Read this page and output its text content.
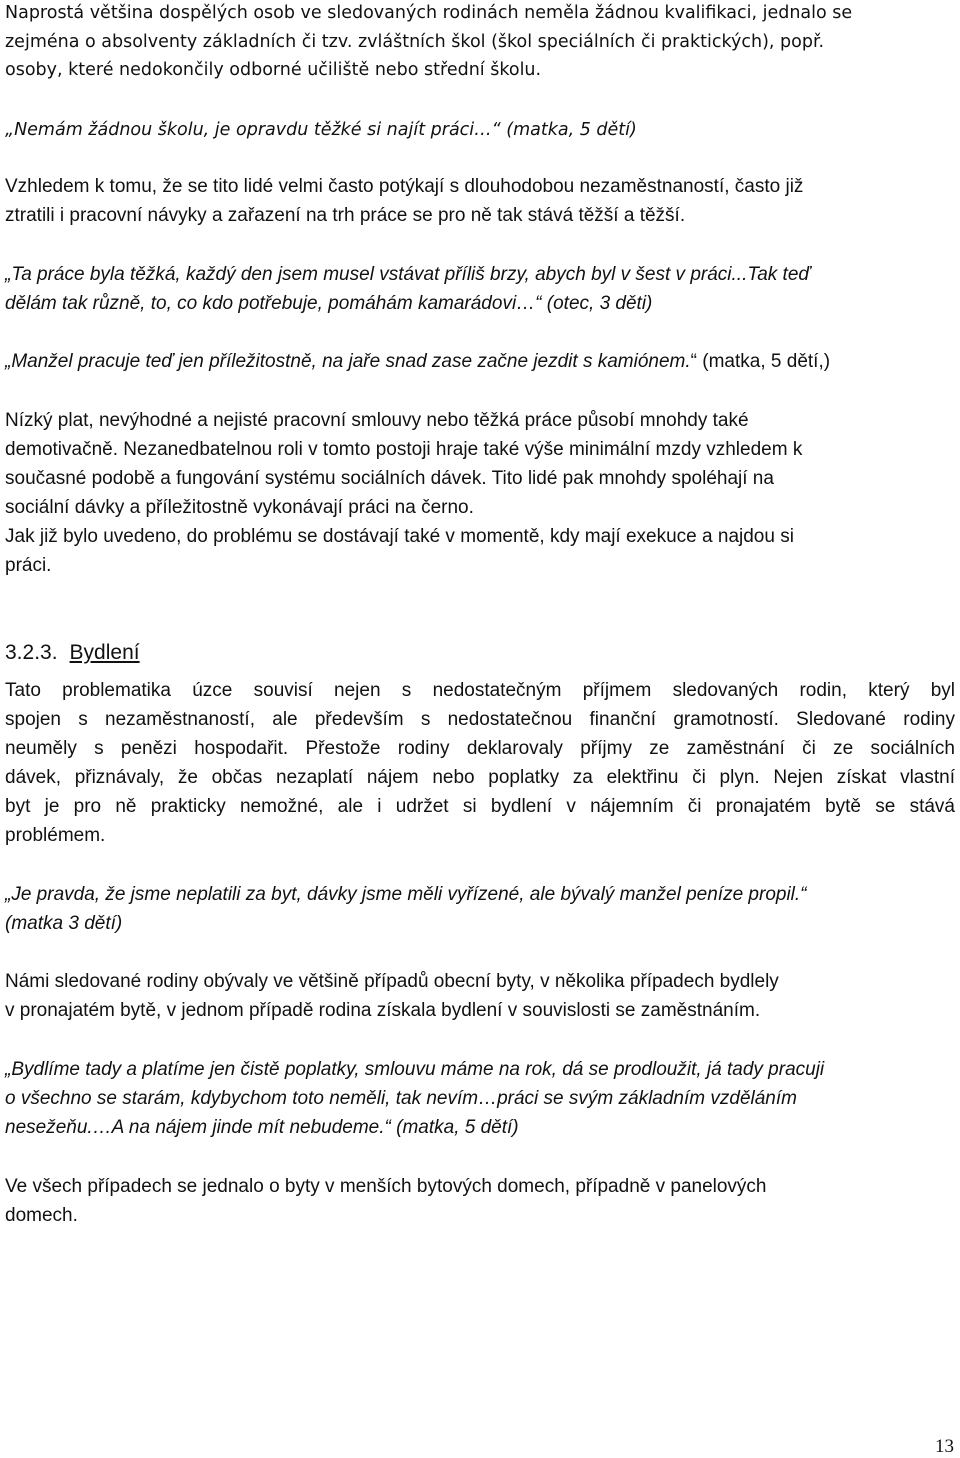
Naprostá většina dospělých osob ve sledovaných rodinách neměla žádnou kvalifikaci, jednalo se
zejména o absolventy základních či tzv. zvláštních škol (škol speciálních či praktických), popř.
osoby, které nedokončily odborné učiliště nebo střední školu.
„Nemám žádnou školu, je opravdu těžké si najít práci…“ (matka, 5 dětí)
Vzhledem k tomu, že se tito lidé velmi často potýkají s dlouhodobou nezaměstnaností, často již
ztratili i pracovní návyky a zařazení na trh práce se pro ně tak stává těžší a těžší.
„Ta práce byla těžká, každý den jsem musel vstávat příliš brzy, abych byl v šest v práci...Tak teď
dělám tak různě, to, co kdo potřebuje, pomáhám kamarádovi…“ (otec, 3 děti)
„Manžel pracuje teď jen příležitostně, na jaře snad zase začne jezdit s kamiónem.“ (matka, 5 dětí,)
Nízký plat, nevýhodné a nejisté pracovní smlouvy nebo těžká práce působí mnohdy také
demotivačně. Nezanedbatelnou roli v tomto postoji hraje také výše minimální mzdy vzhledem k
současné podobě a fungování systému sociálních dávek. Tito lidé pak mnohdy spoléhají na
sociální dávky a příležitostně vykonávají práci na černo.
Jak již bylo uvedeno, do problému se dostávají také v momentě, kdy mají exekuce a najdou si
práci.
3.2.3. Bydlení
Tato problematika úzce souvisí nejen s nedostatečným příjmem sledovaných rodin, který byl
spojen s nezaměstnaností, ale především s nedostatečnou finanční gramotností. Sledované rodiny
neuměly s penězi hospodařit. Přestože rodiny deklarovaly příjmy ze zaměstnání či ze sociálních
dávek, přiznávaly, že občas nezaplatí nájem nebo poplatky za elektřinu či plyn. Nejen získat vlastní
byt je pro ně prakticky nemožné, ale i udržet si bydlení v nájemním či pronajatém bytě se stává
problémem.
„Je pravda, že jsme neplatili za byt, dávky jsme měli vyřízené, ale bývalý manžel peníze propil.“
(matka 3 dětí)
Námi sledované rodiny obývaly ve většině případů obecní byty, v několika případech bydlely
v pronajatém bytě, v jednom případě rodina získala bydlení v souvislosti se zaměstnáním.
„Bydlíme tady a platíme jen čistě poplatky, smlouvu máme na rok, dá se prodloužit, já tady pracuji
o všechno se starám, kdybychom toto neměli, tak nevím…práci se svým základním vzděláním
nesežeňu.…A na nájem jinde mít nebudeme.“ (matka, 5 dětí)
Ve všech případech se jednalo o byty v menších bytových domech, případně v panelových
domech.
13
